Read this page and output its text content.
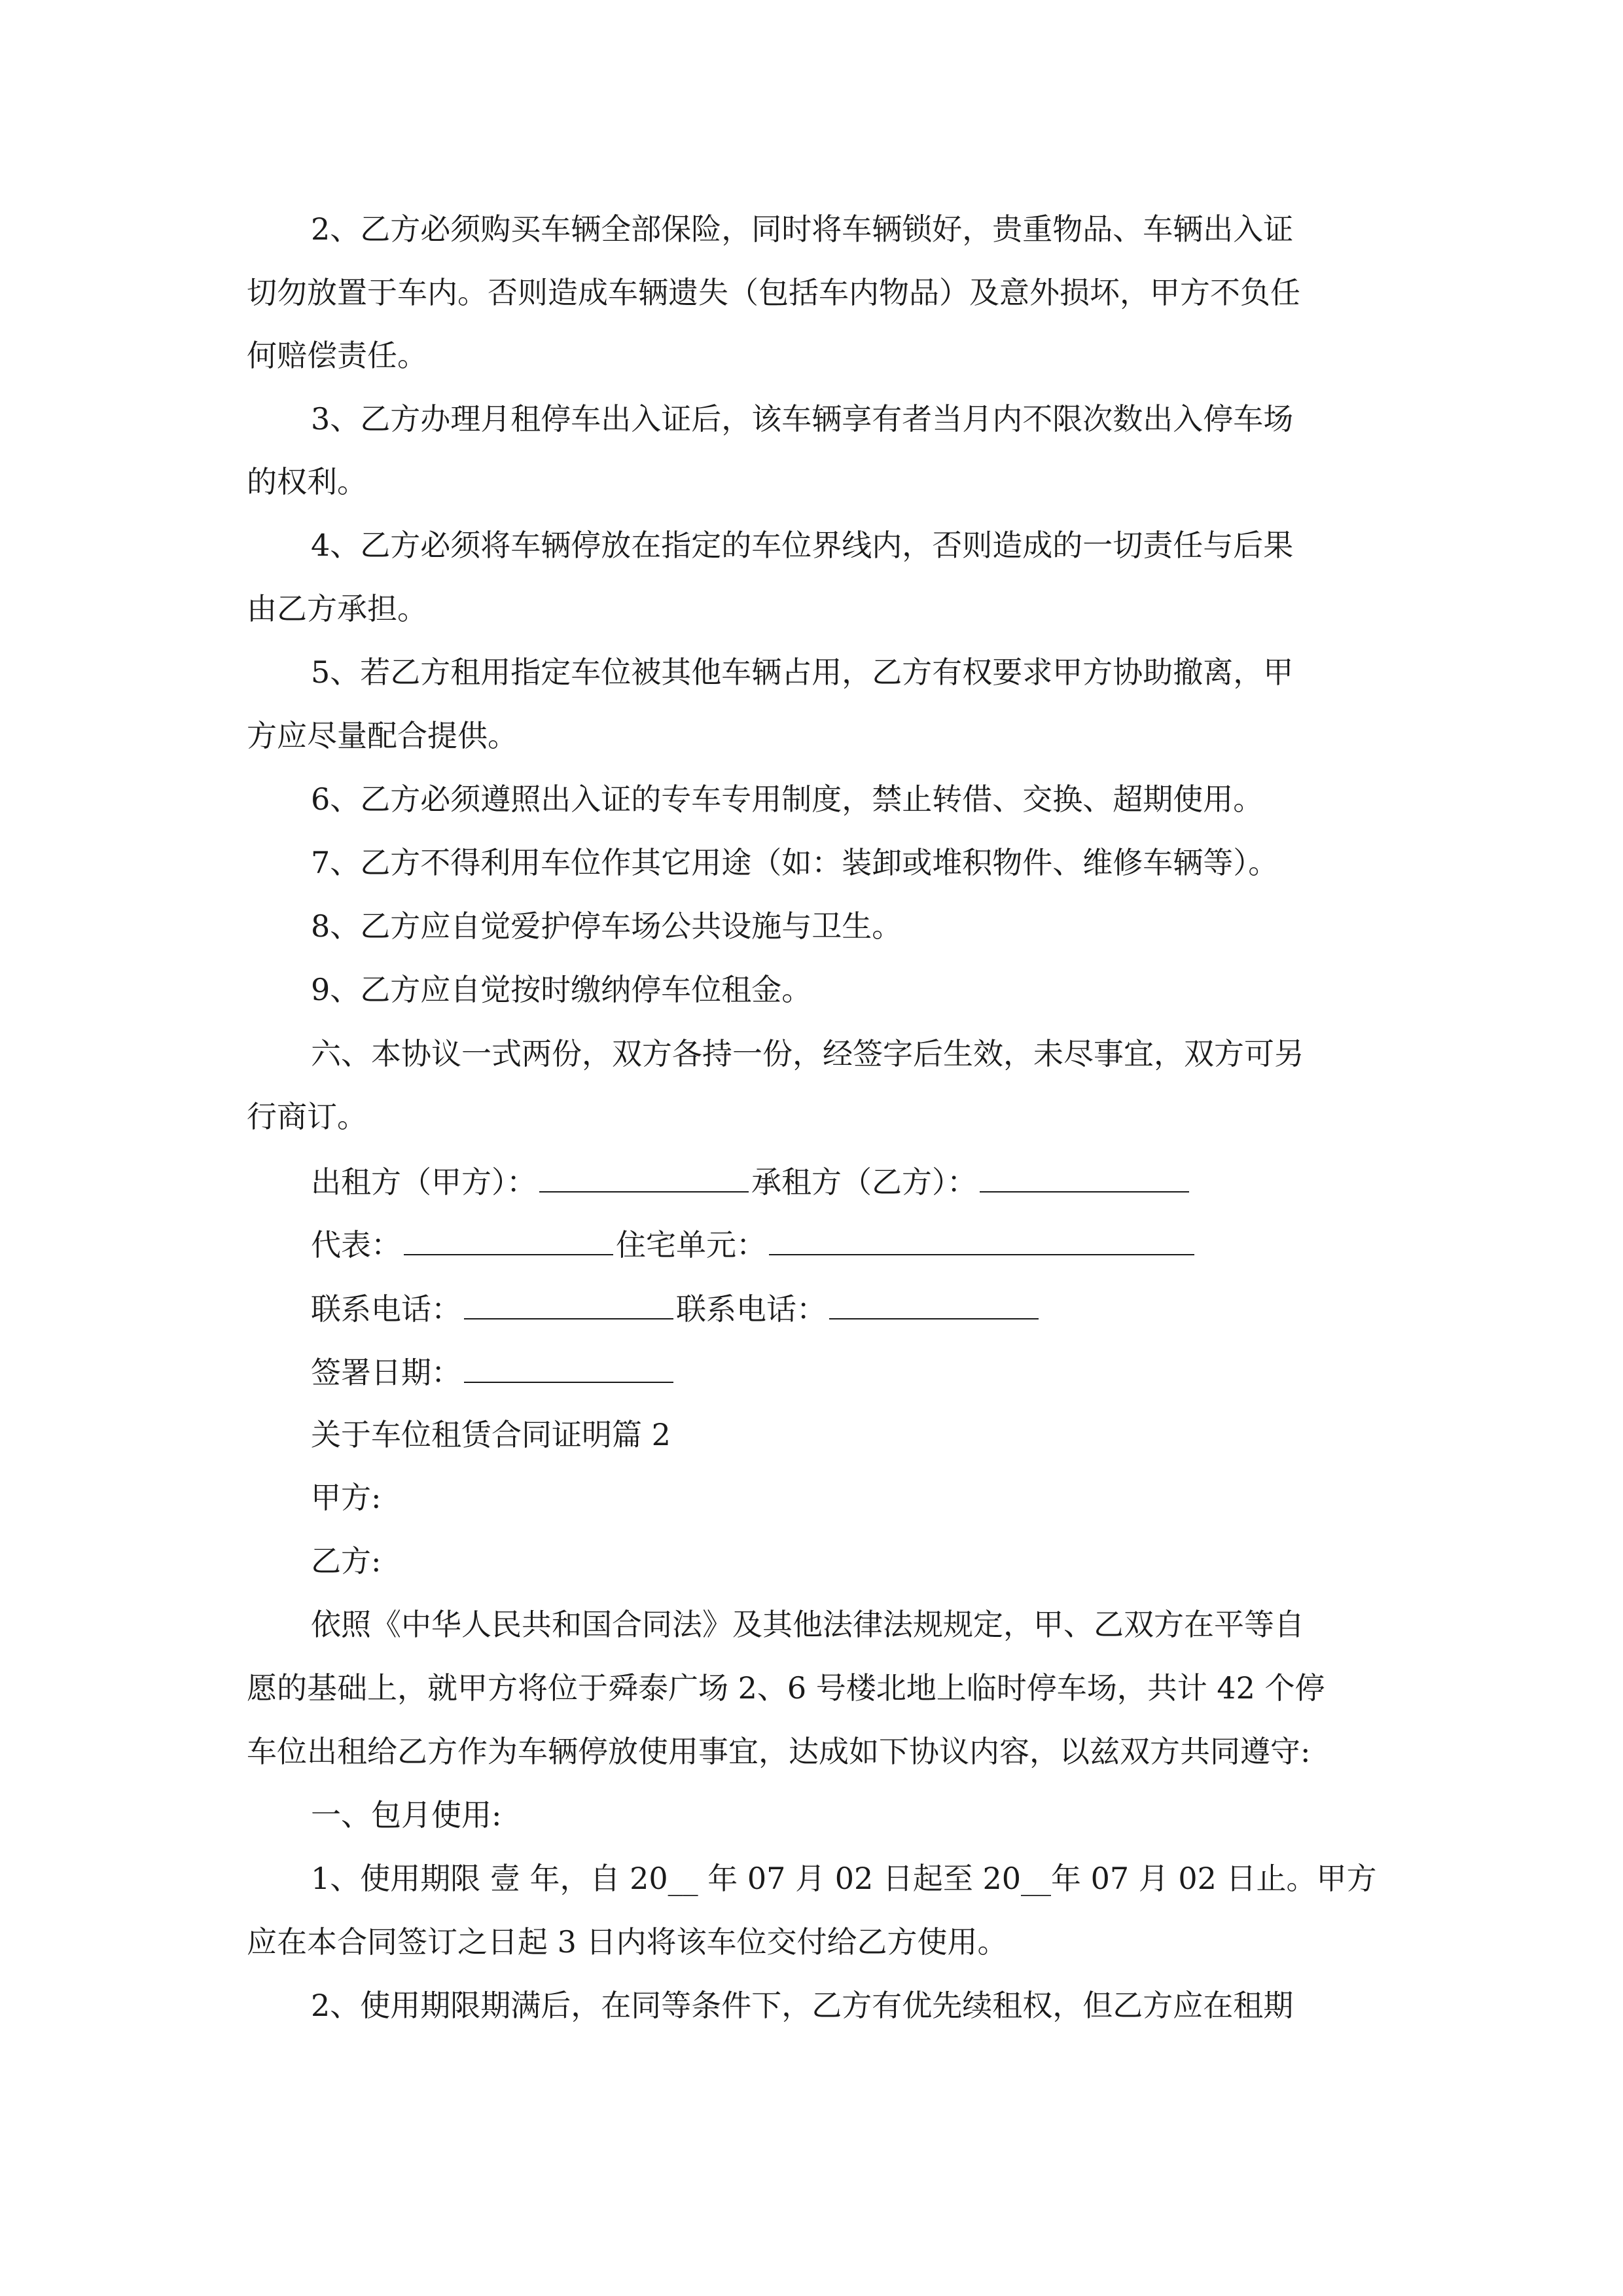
2、乙方必须购买车辆全部保险，同时将车辆锁好，贵重物品、车辆出入证

切勿放置于车内。否则造成车辆遗失（包括车内物品）及意外损坏，甲方不负任

何赔偿责任。

3、乙方办理月租停车出入证后，该车辆享有者当月内不限次数出入停车场

的权利。

4、乙方必须将车辆停放在指定的车位界线内，否则造成的一切责任与后果

由乙方承担。

5、若乙方租用指定车位被其他车辆占用，乙方有权要求甲方协助撤离，甲

方应尽量配合提供。

6、乙方必须遵照出入证的专车专用制度，禁止转借、交换、超期使用。

7、乙方不得利用车位作其它用途（如：装卸或堆积物件、维修车辆等）。

8、乙方应自觉爱护停车场公共设施与卫生。

9、乙方应自觉按时缴纳停车位租金。

六、本协议一式两份，双方各持一份，经签字后生效，未尽事宜，双方可另

行商订。

出租方（甲方）：	承租方（乙方）：

代表：	住宅单元：

联系电话：	联系电话：

签署日期：

关于车位租赁合同证明篇 2

甲方:

乙方:

依照《中华人民共和国合同法》及其他法律法规规定，甲、乙双方在平等自

愿的基础上，就甲方将位于舜泰广场 2、6 号楼北地上临时停车场，共计 42 个停

车位出租给乙方作为车辆停放使用事宜，达成如下协议内容，以兹双方共同遵守:

一、包月使用:

1、使用期限 壹 年，自 20__ 年 07 月 02 日起至 20__年 07 月 02 日止。甲方

应在本合同签订之日起 3 日内将该车位交付给乙方使用。

2、使用期限期满后，在同等条件下，乙方有优先续租权，但乙方应在租期
